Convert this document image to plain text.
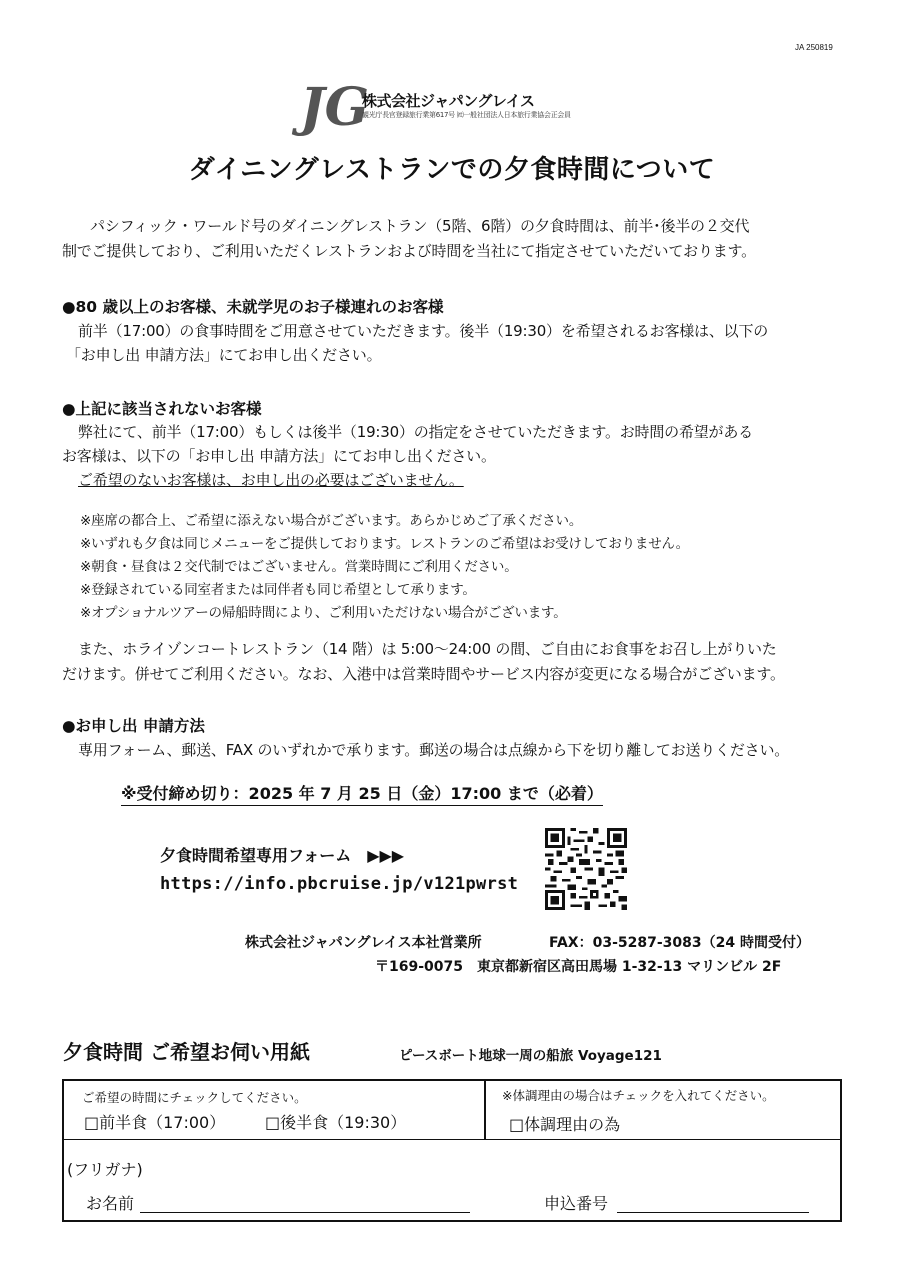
JA 250819
JG
株式会社ジャパングレイス
観光庁長官登録旅行業第617号 ㈳一般社団法人日本旅行業協会正会員
ダイニングレストランでの夕食時間について

パシフィック・ワールド号のダイニングレストラン（5階、6階）の夕食時間は、前半･後半の２交代

制でご提供しており、ご利用いただくレストランおよび時間を当社にて指定させていただいております。

●80 歳以上のお客様、未就学児のお子様連れのお客様

前半（17:00）の食事時間をご用意させていただきます。後半（19:30）を希望されるお客様は、以下の

「お申し出 申請方法」にてお申し出ください。

●上記に該当されないお客様

弊社にて、前半（17:00）もしくは後半（19:30）の指定をさせていただきます。お時間の希望がある

お客様は、以下の「お申し出 申請方法」にてお申し出ください。

ご希望のないお客様は、お申し出の必要はございません。

※座席の都合上、ご希望に添えない場合がございます。あらかじめご了承ください。

※いずれも夕食は同じメニューをご提供しております。レストランのご希望はお受けしておりません。

※朝食・昼食は２交代制ではございません。営業時間にご利用ください。

※登録されている同室者または同伴者も同じ希望として承ります。

※オプショナルツアーの帰船時間により、ご利用いただけない場合がございます。

また、ホライゾンコートレストラン（14 階）は 5:00～24:00 の間、ご自由にお食事をお召し上がりいた

だけます。併せてご利用ください。なお、入港中は営業時間やサービス内容が変更になる場合がございます。

●お申し出 申請方法

専用フォーム、郵送、FAX のいずれかで承ります。郵送の場合は点線から下を切り離してお送りください。

※受付締め切り：2025 年 7 月 25 日（金）17:00 まで（必着）
夕食時間希望専用フォーム　▶▶▶
https://info.pbcruise.jp/v121pwrst
株式会社ジャパングレイス本社営業所	FAX：03-5287-3083（24 時間受付）
〒169-0075　東京都新宿区高田馬場 1-32-13 マリンビル 2F
夕食時間 ご希望お伺い用紙	ピースボート地球一周の船旅 Voyage121
ご希望の時間にチェックしてください。
□前半食（17:00） □後半食（19:30）
※体調理由の場合はチェックを入れてください。
□体調理由の為
(フリガナ)
お名前	申込番号
